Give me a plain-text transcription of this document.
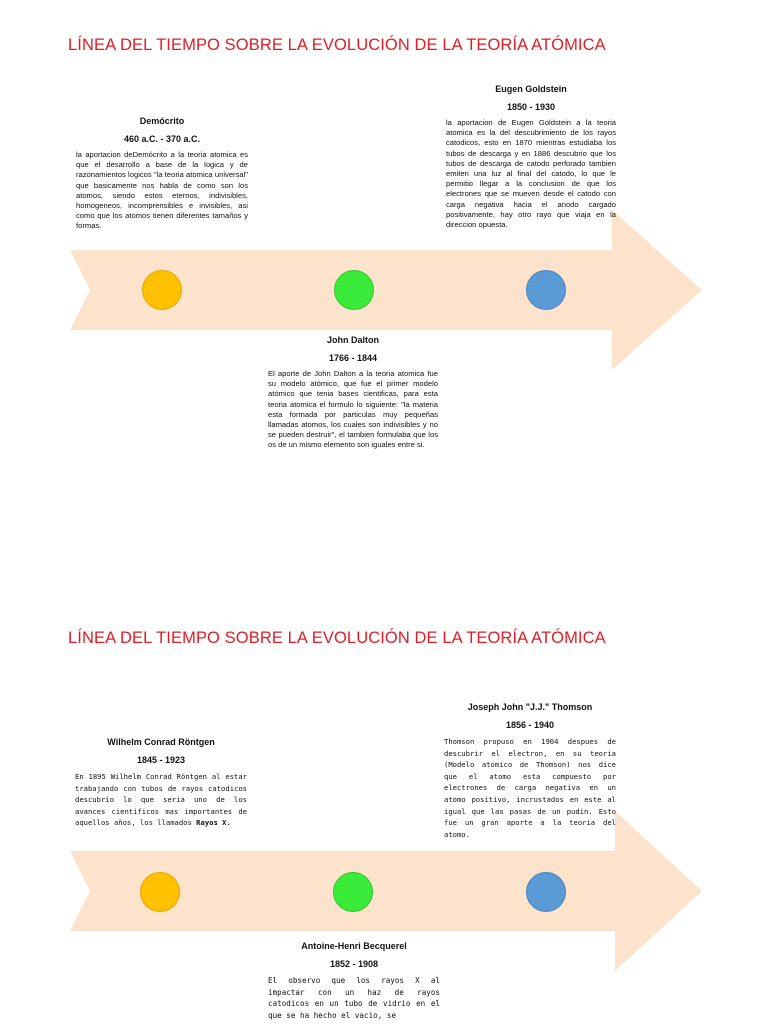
LÍNEA DEL TIEMPO SOBRE LA EVOLUCIÓN DE LA TEORÍA ATÓMICA
Demócrito
460 a.C. - 370 a.C.

la aportacion deDemócrito a la teoria atomica es que el desarrollo a base de la logica y de razonamientos logicos "la teoria atomica universal" que basicamente nos habla de como son los atomos, siendo estos eternos, indivisibles, homogeneos, incomprensibles e invisibles, asi como que los atomos tienen diferentes tamaños y formas.

Eugen Goldstein
1850 - 1930

la aportacion de Eugen Goldstein a la teoria atomica es la del descubrimiento de los rayos catodicos, esto en 1870 mientras estudiaba los tubos de descarga y en 1886 descubrio que los tubos de descarga de catodo perforado tambien emiten una luz al final del catodo, lo que le permitio llegar a la conclusion de que los electrones que se mueven desde el catodo con carga negativa hacia el anodo cargado positivamente, hay otro rayo que viaja en la direccion opuesta.

John Dalton
1766 - 1844

El aporte de John Dalton a la teoria atomica fue su modelo atómico, que fue el primer modelo atómico que tenia bases cientificas, para esta teoria atomica el formulo lo siguiente: "la materia esta formada por particulas muy pequeñas llamadas atomos, los cuales son indivisibles y no se pueden destruir", el tambien formulaba que los os de un mismo elemento son iguales entre si.

LÍNEA DEL TIEMPO SOBRE LA EVOLUCIÓN DE LA TEORÍA ATÓMICA
Wilhelm Conrad Röntgen
1845 - 1923

En 1895 Wilhelm Conrad Röntgen al estar trabajando con tubos de rayos catodicos descubrio lo que seria uno de los avances cientificos mas importantes de aquellos años, los llamados Rayos X.

Joseph John "J.J." Thomson
1856 - 1940

Thomson propuso en 1904 despues de descubrir el electron, en su teoria (Modelo atomico de Thomson) nos dice que el atomo esta compuesto por electrones de carga negativa en un atomo positivo, incrustados en este al igual que las pasas de un pudin. Esto fue un gran aporte a la teoria del atomo.

Antoine-Henri Becquerel
1852 - 1908

El observo que los rayos X al impactar con un haz de rayos catodicos en un tubo de vidrio en el que se ha hecho el vacio, se
